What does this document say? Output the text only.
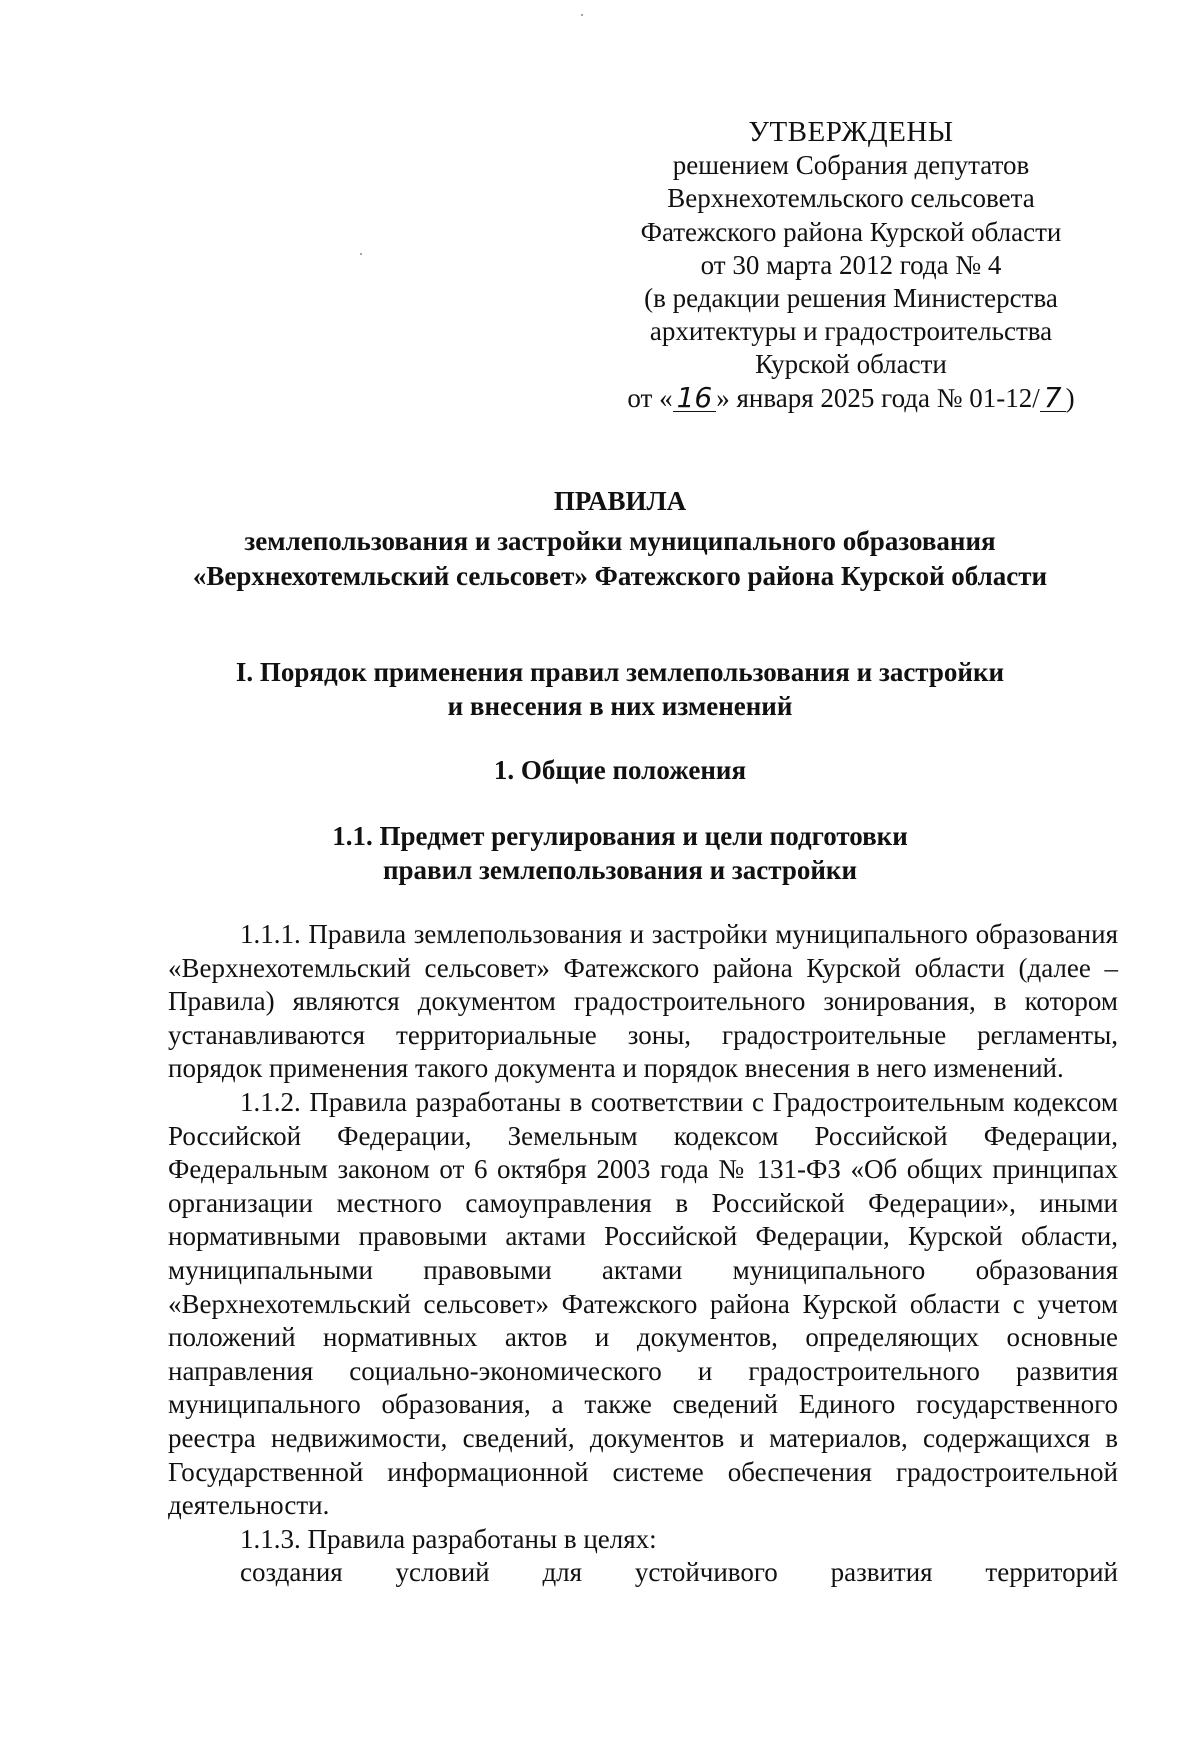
УТВЕРЖДЕНЫ
решением Собрания депутатов
Верхнехотемльского сельсовета
Фатежского района Курской области
от 30 марта 2012 года № 4
(в редакции решения Министерства
архитектуры и градостроительства
Курской области
от « 16 » января 2025 года № 01-12/ 7 )
ПРАВИЛА
землепользования и застройки муниципального образования
«Верхнехотемльский сельсовет» Фатежского района Курской области
I. Порядок применения правил землепользования и застройки
и внесения в них изменений
1. Общие положения
1.1. Предмет регулирования и цели подготовки
правил землепользования и застройки

1.1.1. Правила землепользования и застройки муниципального образования «Верхнехотемльский сельсовет» Фатежского района Курской области (далее – Правила) являются документом градостроительного зонирования, в котором устанавливаются территориальные зоны, градостроительные регламенты, порядок применения такого документа и порядок внесения в него изменений.

1.1.2. Правила разработаны в соответствии с Градостроительным кодексом Российской Федерации, Земельным кодексом Российской Федерации, Федеральным законом от 6 октября 2003 года № 131-ФЗ «Об общих принципах организации местного самоуправления в Российской Федерации», иными нормативными правовыми актами Российской Федерации, Курской области, муниципальными правовыми актами муниципального образования «Верхнехотемльский сельсовет» Фатежского района Курской области с учетом положений нормативных актов и документов, определяющих основные направления социально-экономического и градостроительного развития муниципального образования, а также сведений Единого государственного реестра недвижимости, сведений, документов и материалов, содержащихся в Государственной информационной системе обеспечения градостроительной деятельности.

1.1.3. Правила разработаны в целях:

создания условий для устойчивого развития территорий
